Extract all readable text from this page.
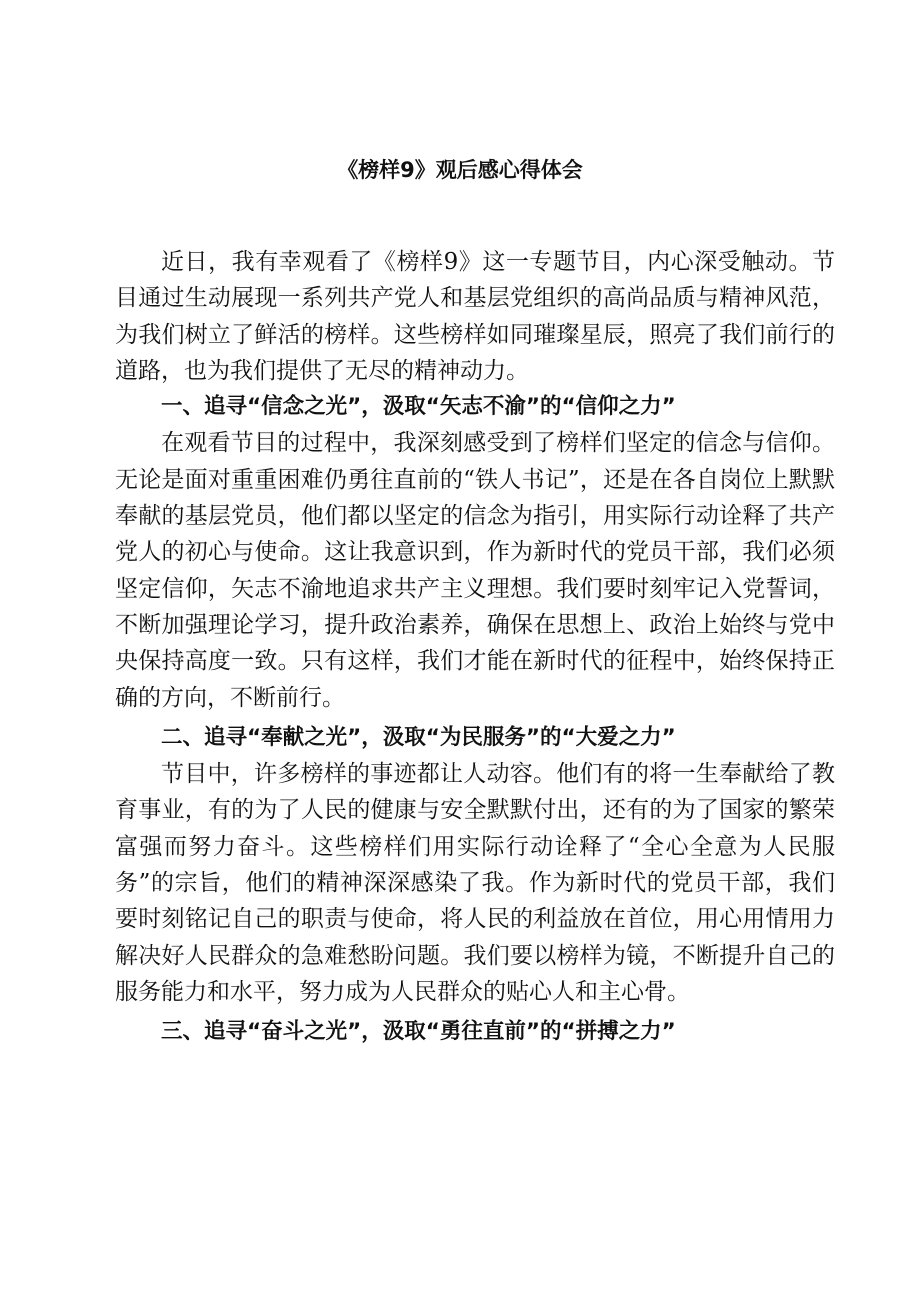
《榜样9》观后感心得体会

近日，我有幸观看了《榜样9》这一专题节目，内心深受触动。节目通过生动展现一系列共产党人和基层党组织的高尚品质与精神风范，为我们树立了鲜活的榜样。这些榜样如同璀璨星辰，照亮了我们前行的道路，也为我们提供了无尽的精神动力。

一、追寻“信念之光”，汲取“矢志不渝”的“信仰之力”

在观看节目的过程中，我深刻感受到了榜样们坚定的信念与信仰。无论是面对重重困难仍勇往直前的“铁人书记”，还是在各自岗位上默默奉献的基层党员，他们都以坚定的信念为指引，用实际行动诠释了共产党人的初心与使命。这让我意识到，作为新时代的党员干部，我们必须坚定信仰，矢志不渝地追求共产主义理想。我们要时刻牢记入党誓词，不断加强理论学习，提升政治素养，确保在思想上、政治上始终与党中央保持高度一致。只有这样，我们才能在新时代的征程中，始终保持正确的方向，不断前行。

二、追寻“奉献之光”，汲取“为民服务”的“大爱之力”

节目中，许多榜样的事迹都让人动容。他们有的将一生奉献给了教育事业，有的为了人民的健康与安全默默付出，还有的为了国家的繁荣富强而努力奋斗。这些榜样们用实际行动诠释了“全心全意为人民服务”的宗旨，他们的精神深深感染了我。作为新时代的党员干部，我们要时刻铭记自己的职责与使命，将人民的利益放在首位，用心用情用力解决好人民群众的急难愁盼问题。我们要以榜样为镜，不断提升自己的服务能力和水平，努力成为人民群众的贴心人和主心骨。

三、追寻“奋斗之光”，汲取“勇往直前”的“拼搏之力”
